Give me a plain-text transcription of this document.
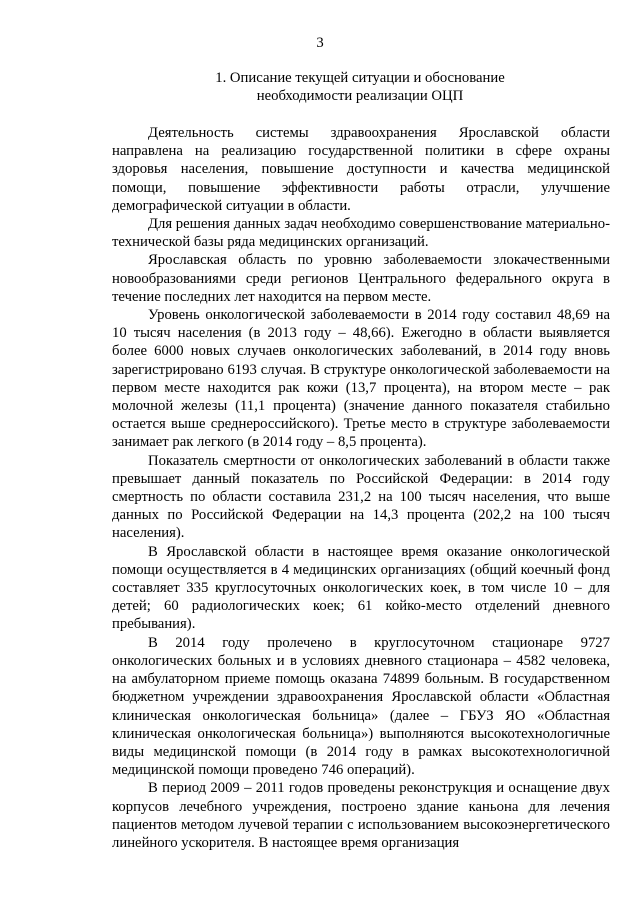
3
1. Описание текущей ситуации и обоснование
необходимости реализации ОЦП

Деятельность системы здравоохранения Ярославской области направлена на реализацию государственной политики в сфере охраны здоровья населения, повышение доступности и качества медицинской помощи, повышение эффективности работы отрасли, улучшение демографической ситуации в области.

Для решения данных задач необходимо совершенствование материально-технической базы ряда медицинских организаций.

Ярославская область по уровню заболеваемости злокачественными новообразованиями среди регионов Центрального федерального округа в течение последних лет находится на первом месте.

Уровень онкологической заболеваемости в 2014 году составил 48,69 на 10 тысяч населения (в 2013 году – 48,66). Ежегодно в области выявляется более 6000 новых случаев онкологических заболеваний, в 2014 году вновь зарегистрировано 6193 случая. В структуре онкологической заболеваемости на первом месте находится рак кожи (13,7 процента), на втором месте – рак молочной железы (11,1 процента) (значение данного показателя стабильно остается выше среднероссийского). Третье место в структуре заболеваемости занимает рак легкого (в 2014 году – 8,5 процента).

Показатель смертности от онкологических заболеваний в области также превышает данный показатель по Российской Федерации: в 2014 году смертность по области составила 231,2 на 100 тысяч населения, что выше данных по Российской Федерации на 14,3 процента (202,2 на 100 тысяч населения).

В Ярославской области в настоящее время оказание онкологической помощи осуществляется в 4 медицинских организациях (общий коечный фонд составляет 335 круглосуточных онкологических коек, в том числе 10 – для детей; 60 радиологических коек; 61 койко-место отделений дневного пребывания).

В 2014 году пролечено в круглосуточном стационаре 9727 онкологических больных и в условиях дневного стационара – 4582 человека, на амбулаторном приеме помощь оказана 74899 больным. В государственном бюджетном учреждении здравоохранения Ярославской области «Областная клиническая онкологическая больница» (далее – ГБУЗ ЯО «Областная клиническая онкологическая больница») выполняются высокотехнологичные виды медицинской помощи (в 2014 году в рамках высокотехнологичной медицинской помощи проведено 746 операций).

В период 2009 – 2011 годов проведены реконструкция и оснащение двух корпусов лечебного учреждения, построено здание каньона для лечения пациентов методом лучевой терапии с использованием высокоэнергетического линейного ускорителя. В настоящее время организация
